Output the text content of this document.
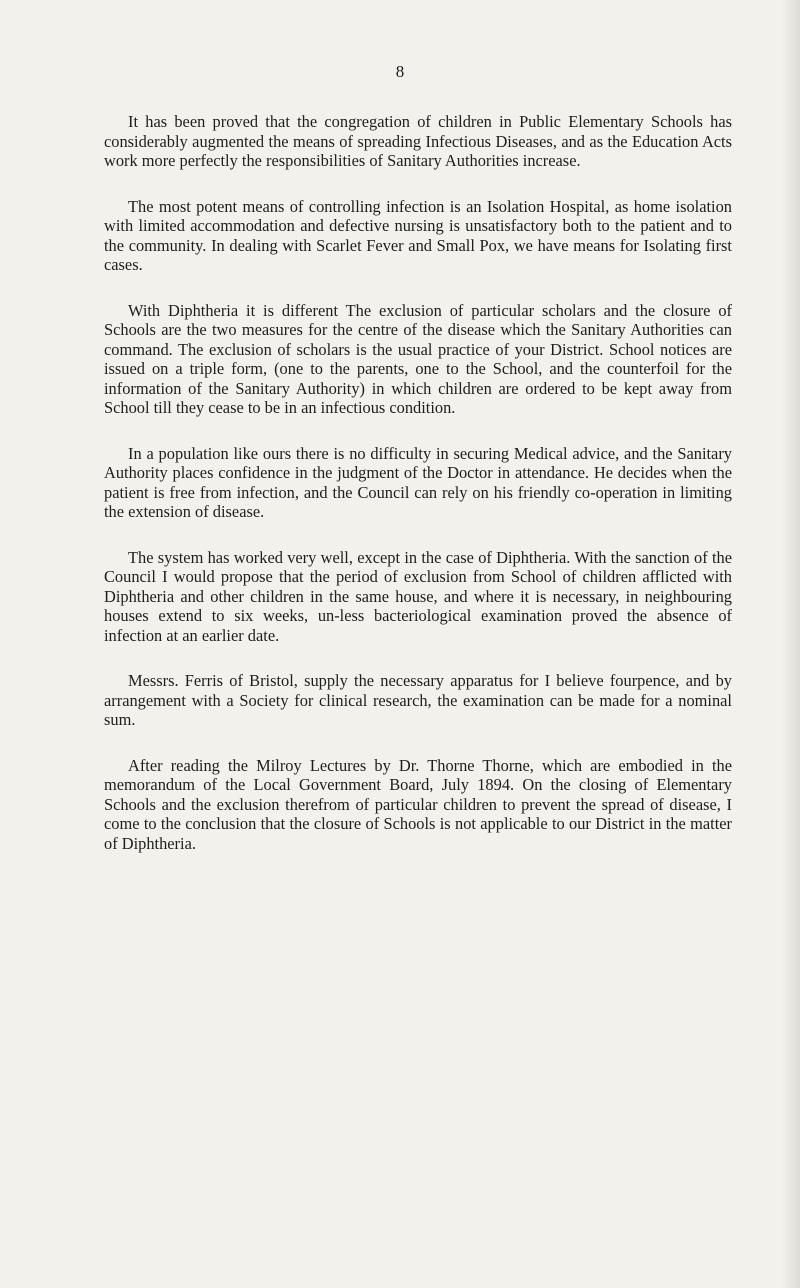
8

It has been proved that the congregation of children in Public Elementary Schools has considerably augmented the means of spreading Infectious Diseases, and as the Education Acts work more perfectly the responsibilities of Sanitary Authorities increase.

The most potent means of controlling infection is an Isolation Hospital, as home isolation with limited accommodation and defective nursing is unsatisfactory both to the patient and to the community. In dealing with Scarlet Fever and Small Pox, we have means for Isolating first cases.

With Diphtheria it is different The exclusion of particular scholars and the closure of Schools are the two measures for the centre of the disease which the Sanitary Authorities can command. The exclusion of scholars is the usual practice of your District. School notices are issued on a triple form, (one to the parents, one to the School, and the counterfoil for the information of the Sanitary Authority) in which children are ordered to be kept away from School till they cease to be in an infectious condition.

In a population like ours there is no difficulty in securing Medical advice, and the Sanitary Authority places confidence in the judgment of the Doctor in attendance. He decides when the patient is free from infection, and the Council can rely on his friendly co-operation in limiting the extension of disease.

The system has worked very well, except in the case of Diphtheria. With the sanction of the Council I would propose that the period of exclusion from School of children afflicted with Diphtheria and other children in the same house, and where it is necessary, in neighbouring houses extend to six weeks, un-less bacteriological examination proved the absence of infection at an earlier date.

Messrs. Ferris of Bristol, supply the necessary apparatus for I believe fourpence, and by arrangement with a Society for clinical research, the examination can be made for a nominal sum.

After reading the Milroy Lectures by Dr. Thorne Thorne, which are embodied in the memorandum of the Local Government Board, July 1894. On the closing of Elementary Schools and the exclusion therefrom of particular children to prevent the spread of disease, I come to the conclusion that the closure of Schools is not applicable to our District in the matter of Diphtheria.
